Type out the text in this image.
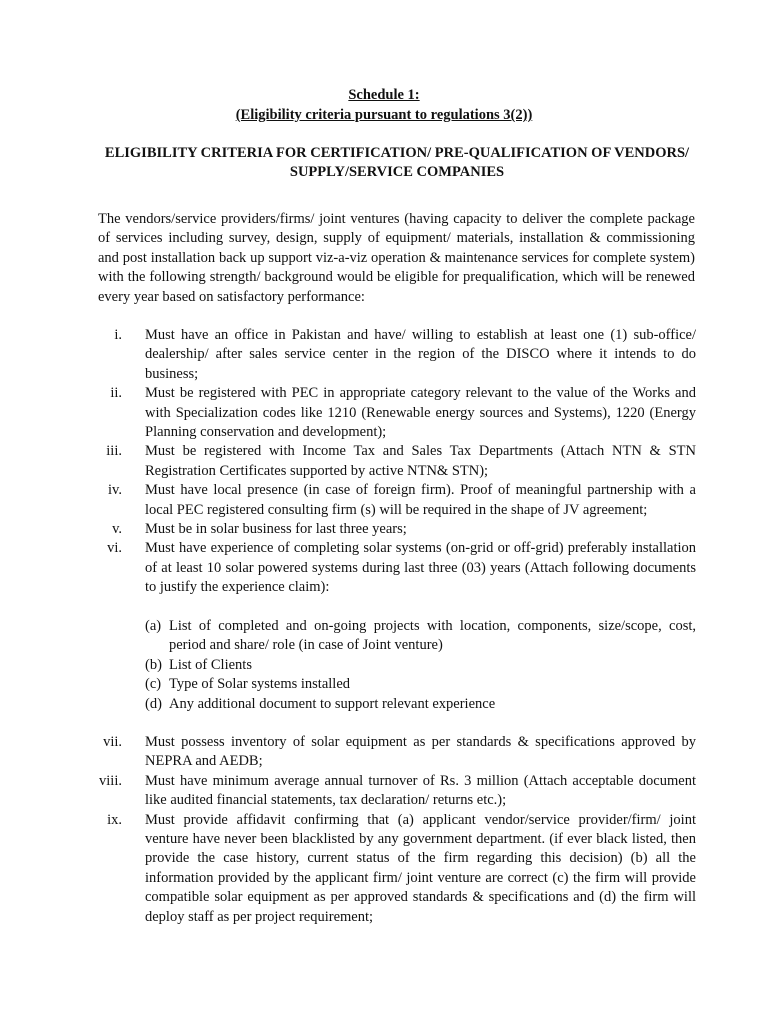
Schedule 1:
(Eligibility criteria pursuant to regulations 3(2))
ELIGIBILITY CRITERIA FOR CERTIFICATION/ PRE-QUALIFICATION OF VENDORS/ SUPPLY/SERVICE COMPANIES

The vendors/service providers/firms/ joint ventures (having capacity to deliver the complete package of services including survey, design, supply of equipment/ materials, installation & commissioning and post installation back up support viz-a-viz operation & maintenance services for complete system) with the following strength/ background would be eligible for prequalification, which will be renewed every year based on satisfactory performance:

i. Must have an office in Pakistan and have/ willing to establish at least one (1) sub-office/ dealership/ after sales service center in the region of the DISCO where it intends to do business;
ii. Must be registered with PEC in appropriate category relevant to the value of the Works and with Specialization codes like 1210 (Renewable energy sources and Systems), 1220 (Energy Planning conservation and development);
iii. Must be registered with Income Tax and Sales Tax Departments (Attach NTN & STN Registration Certificates supported by active NTN& STN);
iv. Must have local presence (in case of foreign firm). Proof of meaningful partnership with a local PEC registered consulting firm (s) will be required in the shape of JV agreement;
v. Must be in solar business for last three years;
vi. Must have experience of completing solar systems (on-grid or off-grid) preferably installation of at least 10 solar powered systems during last three (03) years (Attach following documents to justify the experience claim):
(a) List of completed and on-going projects with location, components, size/scope, cost, period and share/ role (in case of Joint venture)
(b) List of Clients
(c) Type of Solar systems installed
(d) Any additional document to support relevant experience
vii. Must possess inventory of solar equipment as per standards & specifications approved by NEPRA and AEDB;
viii. Must have minimum average annual turnover of Rs. 3 million (Attach acceptable document like audited financial statements, tax declaration/ returns etc.);
ix. Must provide affidavit confirming that (a) applicant vendor/service provider/firm/ joint venture have never been blacklisted by any government department. (if ever black listed, then provide the case history, current status of the firm regarding this decision) (b) all the information provided by the applicant firm/ joint venture are correct (c) the firm will provide compatible solar equipment as per approved standards & specifications and (d) the firm will deploy staff as per project requirement;
